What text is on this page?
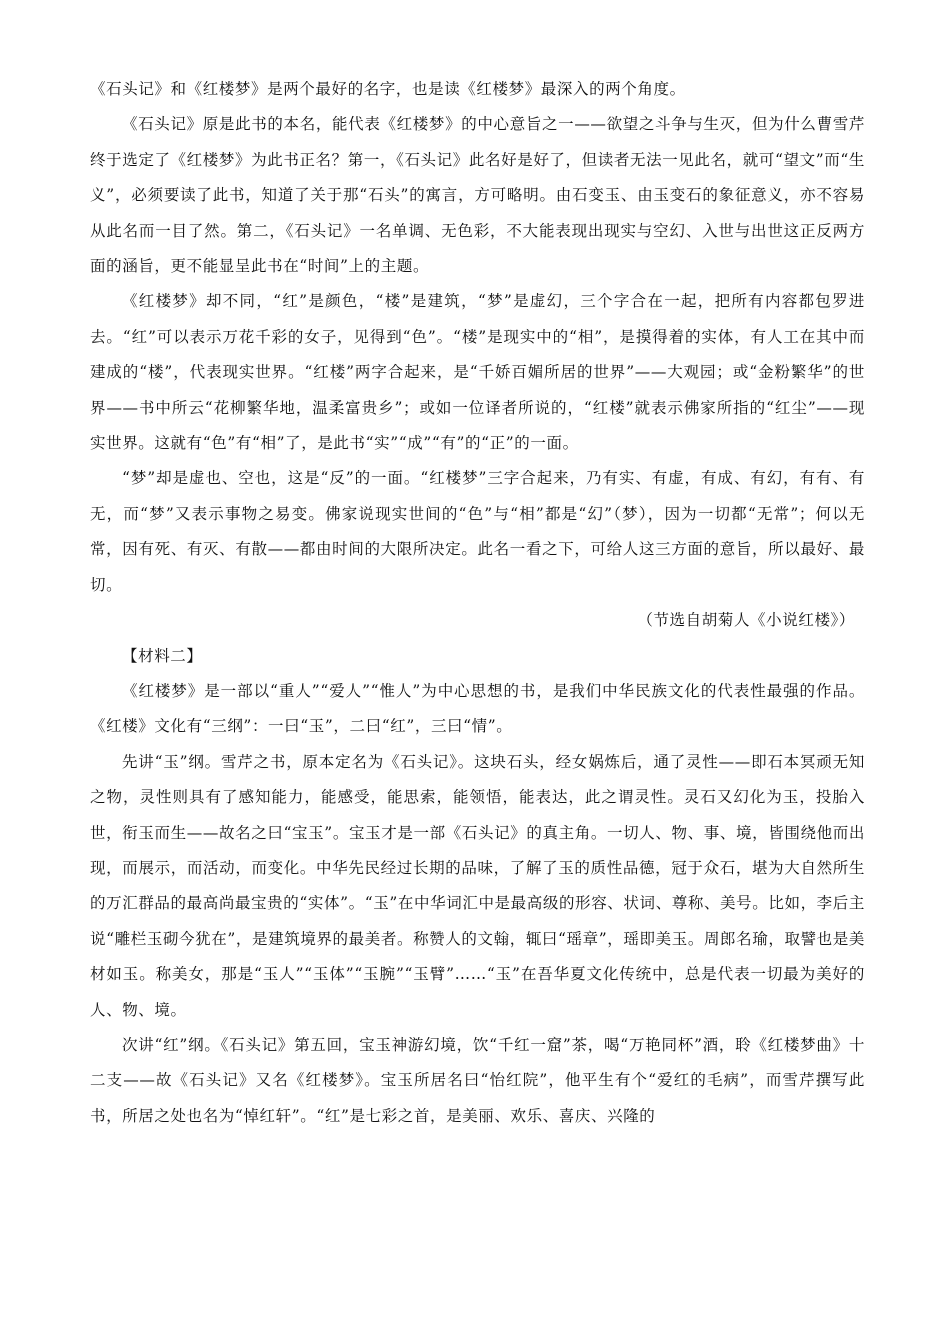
《石头记》和《红楼梦》是两个最好的名字，也是读《红楼梦》最深入的两个角度。

《石头记》原是此书的本名，能代表《红楼梦》的中心意旨之一——欲望之斗争与生灭，但为什么曹雪芹终于选定了《红楼梦》为此书正名？第一，《石头记》此名好是好了，但读者无法一见此名，就可“望文”而“生义”，必须要读了此书，知道了关于那“石头”的寓言，方可略明。由石变玉、由玉变石的象征意义，亦不容易从此名而一目了然。第二，《石头记》一名单调、无色彩，不大能表现出现实与空幻、入世与出世这正反两方面的涵旨，更不能显呈此书在“时间”上的主题。

《红楼梦》却不同，“红”是颜色，“楼”是建筑，“梦”是虚幻，三个字合在一起，把所有内容都包罗进去。“红”可以表示万花千彩的女子，见得到“色”。“楼”是现实中的“相”，是摸得着的实体，有人工在其中而建成的“楼”，代表现实世界。“红楼”两字合起来，是“千娇百媚所居的世界”——大观园；或“金粉繁华”的世界——书中所云“花柳繁华地，温柔富贵乡”；或如一位译者所说的，“红楼”就表示佛家所指的“红尘”——现实世界。这就有“色”有“相”了，是此书“实”“成”“有”的“正”的一面。

“梦”却是虚也、空也，这是“反”的一面。“红楼梦”三字合起来，乃有实、有虚，有成、有幻，有有、有无，而“梦”又表示事物之易变。佛家说现实世间的“色”与“相”都是“幻”（梦），因为一切都“无常”；何以无常，因有死、有灭、有散——都由时间的大限所决定。此名一看之下，可给人这三方面的意旨，所以最好、最切。

（节选自胡菊人《小说红楼》）

【材料二】

《红楼梦》是一部以“重人”“爱人”“惟人”为中心思想的书，是我们中华民族文化的代表性最强的作品。《红楼》文化有“三纲”：一曰“玉”，二曰“红”，三曰“情”。

先讲“玉”纲。雪芹之书，原本定名为《石头记》。这块石头，经女娲炼后，通了灵性——即石本冥顽无知之物，灵性则具有了感知能力，能感受，能思索，能领悟，能表达，此之谓灵性。灵石又幻化为玉，投胎入世，衔玉而生——故名之曰“宝玉”。宝玉才是一部《石头记》的真主角。一切人、物、事、境，皆围绕他而出现，而展示，而活动，而变化。中华先民经过长期的品味，了解了玉的质性品德，冠于众石，堪为大自然所生的万汇群品的最高尚最宝贵的“实体”。“玉”在中华词汇中是最高级的形容、状词、尊称、美号。比如，李后主说“雕栏玉砌今犹在”，是建筑境界的最美者。称赞人的文翰，辄曰“瑶章”，瑶即美玉。周郎名瑜，取譬也是美材如玉。称美女，那是“玉人”“玉体”“玉腕”“玉臂”……“玉”在吾华夏文化传统中，总是代表一切最为美好的人、物、境。

次讲“红”纲。《石头记》第五回，宝玉神游幻境，饮“千红一窟”茶，喝“万艳同杯”酒，聆《红楼梦曲》十二支——故《石头记》又名《红楼梦》。宝玉所居名曰“怡红院”，他平生有个“爱红的毛病”，而雪芹撰写此书，所居之处也名为“悼红轩”。“红”是七彩之首，是美丽、欢乐、喜庆、兴隆的
